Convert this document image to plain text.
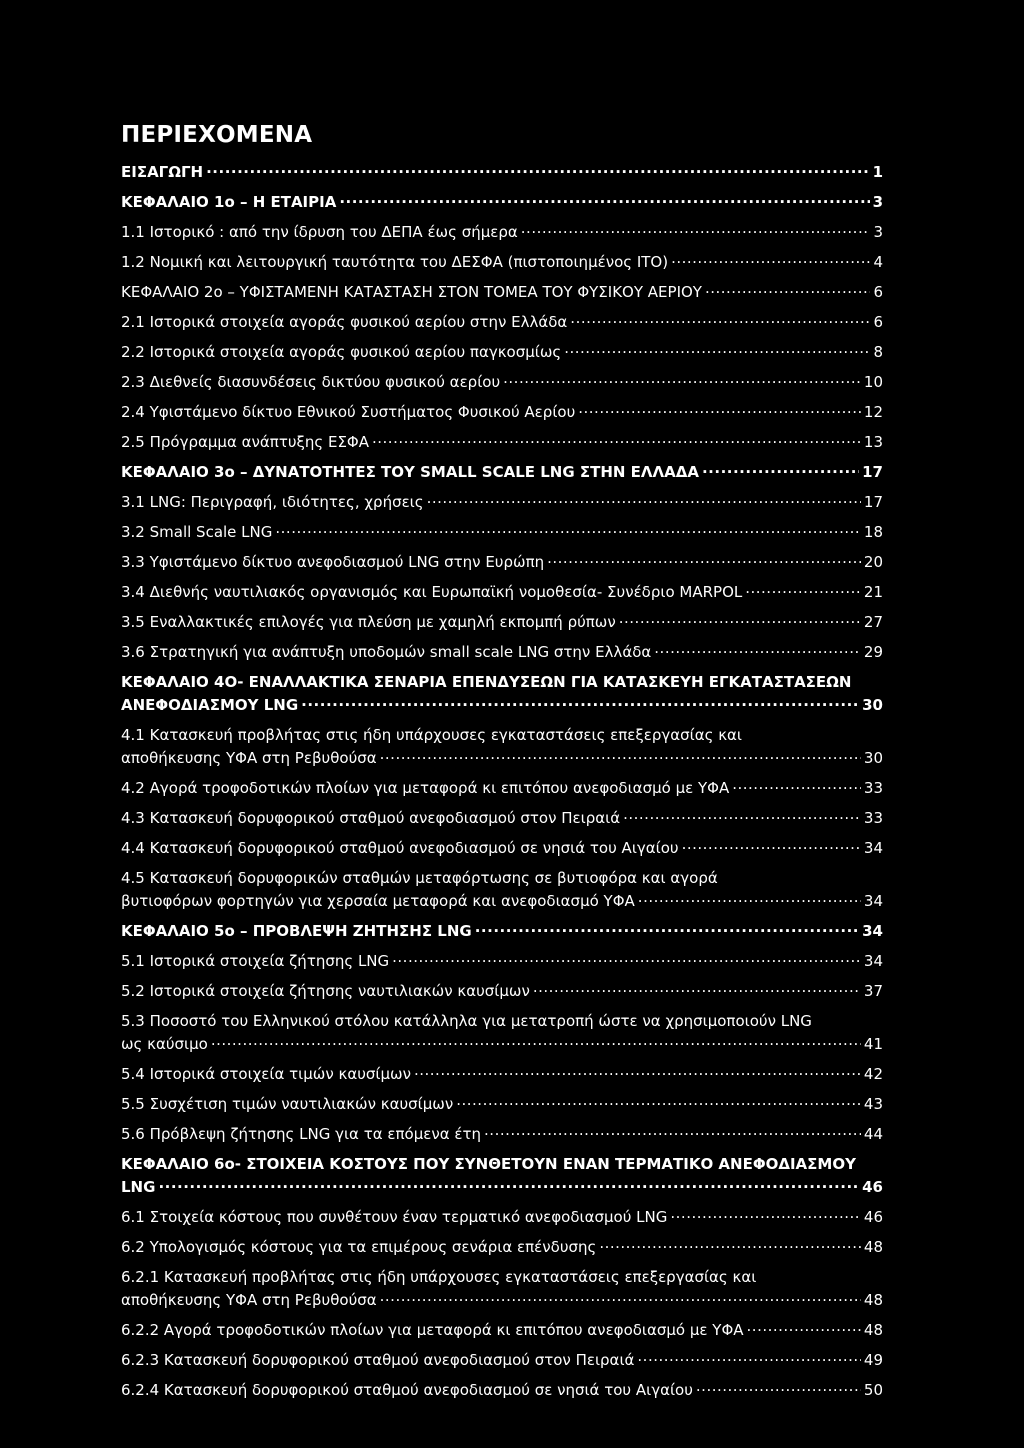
ΠΕΡΙΕΧΟΜΕΝΑ
ΕΙΣΑΓΩΓΗ .....	1
ΚΕΦΑΛΑΙΟ 1ο – Η ΕΤΑΙΡΙΑ .....	3
1.1 Ιστορικό : από την ίδρυση του ΔΕΠΑ έως σήμερα .....	3
1.2 Νομική και λειτουργική ταυτότητα του ΔΕΣΦΑ (πιστοποιημένος ΙΤΟ) .....	4
ΚΕΦΑΛΑΙΟ 2ο – ΥΦΙΣΤΑΜΕΝΗ ΚΑΤΑΣΤΑΣΗ ΣΤΟΝ ΤΟΜΕΑ ΤΟΥ ΦΥΣΙΚΟΥ ΑΕΡΙΟΥ .....	6
2.1 Ιστορικά στοιχεία αγοράς φυσικού αερίου στην Ελλάδα .....	6
2.2 Ιστορικά στοιχεία αγοράς φυσικού αερίου παγκοσμίως .....	8
2.3 Διεθνείς διασυνδέσεις δικτύου φυσικού αερίου .....	10
2.4 Υφιστάμενο δίκτυο Εθνικού Συστήματος Φυσικού Αερίου .....	12
2.5 Πρόγραμμα ανάπτυξης ΕΣΦΑ .....	13
ΚΕΦΑΛΑΙΟ 3ο – ΔΥΝΑΤΟΤΗΤΕΣ ΤΟΥ SMALL SCALE LNG ΣΤΗΝ ΕΛΛΑΔΑ .....	17
3.1 LNG: Περιγραφή, ιδιότητες, χρήσεις .....	17
3.2 Small Scale LNG .....	18
3.3 Υφιστάμενο δίκτυο ανεφοδιασμού LNG στην Ευρώπη .....	20
3.4 Διεθνής ναυτιλιακός οργανισμός και Ευρωπαϊκή νομοθεσία- Συνέδριο MARPOL .....	21
3.5 Εναλλακτικές επιλογές για πλεύση με χαμηλή εκπομπή ρύπων .....	27
3.6 Στρατηγική για ανάπτυξη υποδομών small scale LNG στην Ελλάδα .....	29
ΚΕΦΑΛΑΙΟ 4Ο- ΕΝΑΛΛΑΚΤΙΚΑ ΣΕΝΑΡΙΑ ΕΠΕΝΔΥΣΕΩΝ ΓΙΑ ΚΑΤΑΣΚΕΥΗ ΕΓΚΑΤΑΣΤΑΣΕΩΝ
ΑΝΕΦΟΔΙΑΣΜΟΥ LNG .....	30
4.1 Κατασκευή προβλήτας στις ήδη υπάρχουσες εγκαταστάσεις επεξεργασίας και
αποθήκευσης ΥΦΑ στη Ρεβυθούσα .....	30
4.2 Αγορά τροφοδοτικών πλοίων για μεταφορά κι επιτόπου ανεφοδιασμό με ΥΦΑ .....	33
4.3 Κατασκευή δορυφορικού σταθμού ανεφοδιασμού στον Πειραιά .....	33
4.4 Κατασκευή δορυφορικού σταθμού ανεφοδιασμού σε νησιά του Αιγαίου .....	34
4.5 Κατασκευή δορυφορικών σταθμών μεταφόρτωσης σε βυτιοφόρα και αγορά
βυτιοφόρων φορτηγών για χερσαία μεταφορά και ανεφοδιασμό ΥΦΑ .....	34
ΚΕΦΑΛΑΙΟ 5ο – ΠΡΟΒΛΕΨΗ ΖΗΤΗΣΗΣ LNG .....	34
5.1 Ιστορικά στοιχεία ζήτησης LNG .....	34
5.2 Ιστορικά στοιχεία ζήτησης ναυτιλιακών καυσίμων .....	37
5.3 Ποσοστό του Ελληνικού στόλου κατάλληλα για μετατροπή ώστε να χρησιμοποιούν LNG
ως καύσιμο .....	41
5.4 Ιστορικά στοιχεία τιμών καυσίμων .....	42
5.5 Συσχέτιση τιμών ναυτιλιακών καυσίμων .....	43
5.6 Πρόβλεψη ζήτησης LNG για τα επόμενα έτη .....	44
ΚΕΦΑΛΑΙΟ 6ο- ΣΤΟΙΧΕΙΑ ΚΟΣΤΟΥΣ ΠΟΥ ΣΥΝΘΕΤΟΥΝ ΕΝΑΝ ΤΕΡΜΑΤΙΚΟ ΑΝΕΦΟΔΙΑΣΜΟΥ
LNG .....	46
6.1 Στοιχεία κόστους που συνθέτουν έναν τερματικό ανεφοδιασμού LNG .....	46
6.2 Υπολογισμός κόστους για τα επιμέρους σενάρια επένδυσης .....	48
6.2.1 Κατασκευή προβλήτας στις ήδη υπάρχουσες εγκαταστάσεις επεξεργασίας και
αποθήκευσης ΥΦΑ στη Ρεβυθούσα .....	48
6.2.2 Αγορά τροφοδοτικών πλοίων για μεταφορά κι επιτόπου ανεφοδιασμό με ΥΦΑ .....	48
6.2.3 Κατασκευή δορυφορικού σταθμού ανεφοδιασμού στον Πειραιά .....	49
6.2.4 Κατασκευή δορυφορικού σταθμού ανεφοδιασμού σε νησιά του Αιγαίου .....	50
